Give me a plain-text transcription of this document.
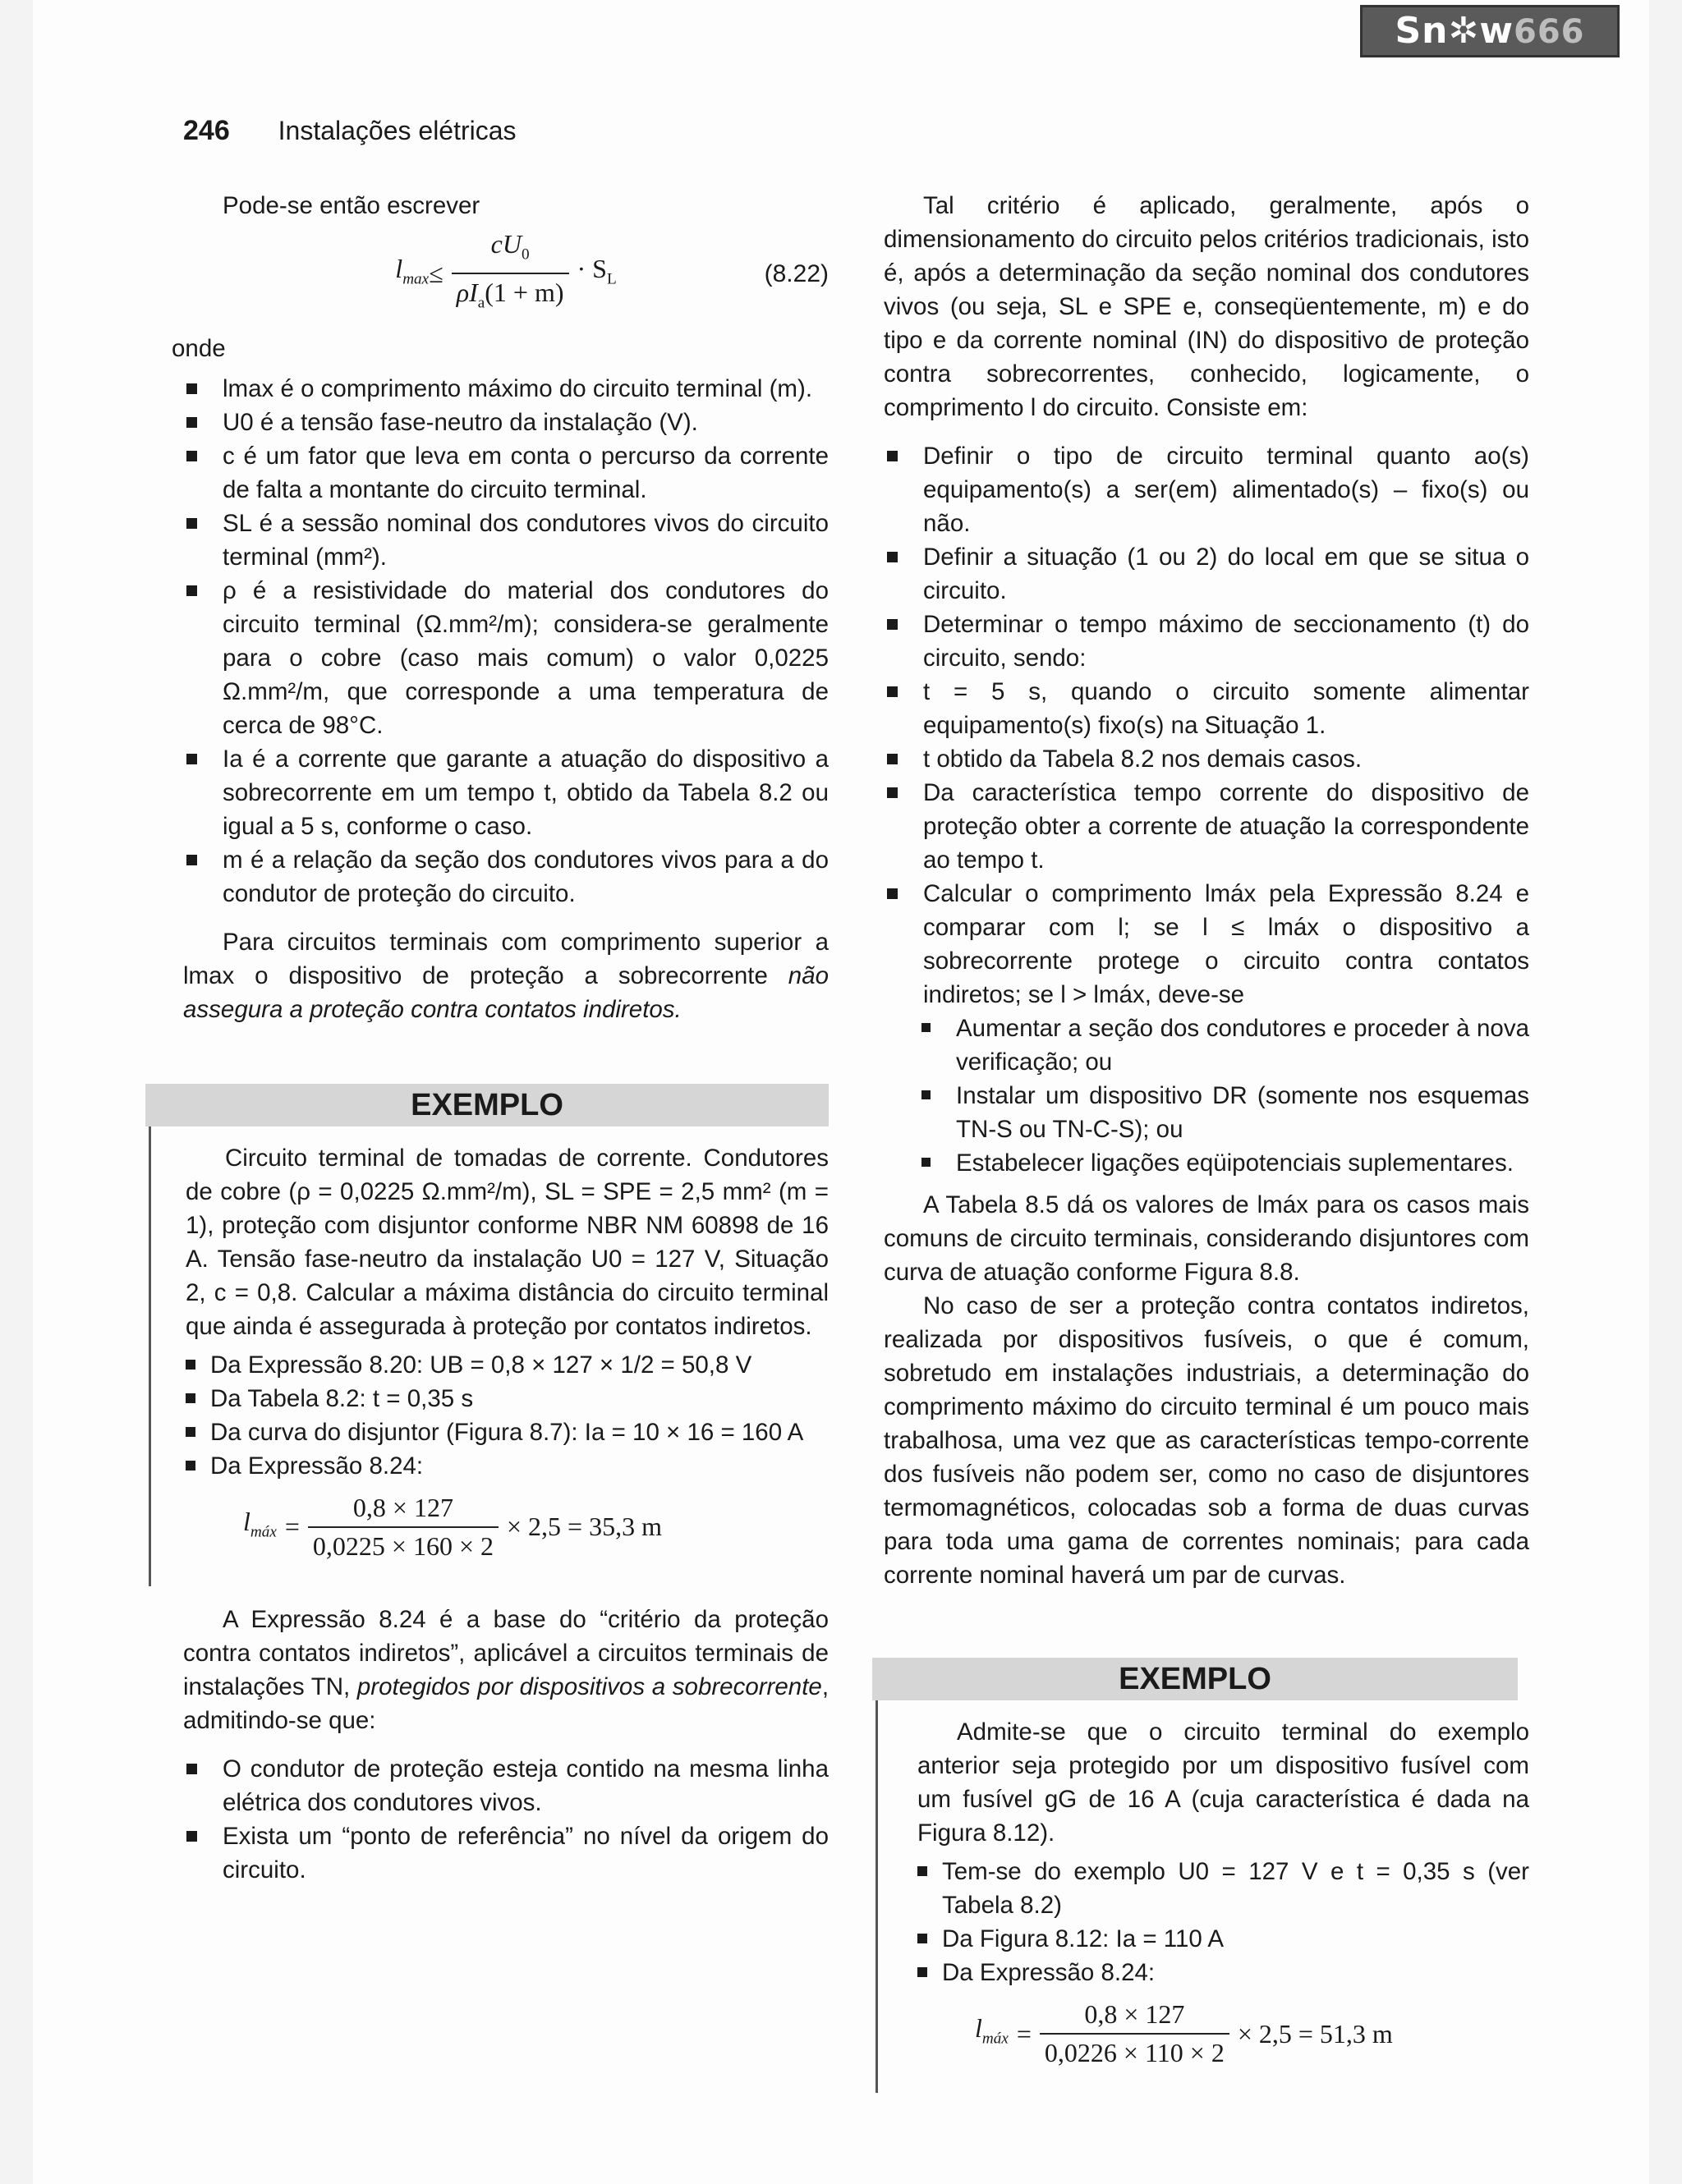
Sn✲w666
246 Instalações elétricas

Pode-se então escrever

$l_{max} \le \frac{cU_0}{\rho I_a(1 + m)} \cdot S_L$	(8.22)

onde

lmax é o comprimento máximo do circuito terminal (m).
U0 é a tensão fase-neutro da instalação (V).
c é um fator que leva em conta o percurso da corrente de falta a montante do circuito terminal.
SL é a sessão nominal dos condutores vivos do circuito terminal (mm²).
ρ é a resistividade do material dos condutores do circuito terminal (Ω.mm²/m); considera-se geralmente para o cobre (caso mais comum) o valor 0,0225 Ω.mm²/m, que corresponde a uma temperatura de cerca de 98°C.
Ia é a corrente que garante a atuação do dispositivo a sobrecorrente em um tempo t, obtido da Tabela 8.2 ou igual a 5 s, conforme o caso.
m é a relação da seção dos condutores vivos para a do condutor de proteção do circuito.

Para circuitos terminais com comprimento superior a lmax o dispositivo de proteção a sobrecorrente não assegura a proteção contra contatos indiretos.

EXEMPLO

Circuito terminal de tomadas de corrente. Condutores de cobre (ρ = 0,0225 Ω.mm²/m), SL = SPE = 2,5 mm² (m = 1), proteção com disjuntor conforme NBR NM 60898 de 16 A. Tensão fase-neutro da instalação U0 = 127 V, Situação 2, c = 0,8. Calcular a máxima distância do circuito terminal que ainda é assegurada à proteção por contatos indiretos.

Da Expressão 8.20: UB = 0,8 × 127 × 1/2 = 50,8 V
Da Tabela 8.2: t = 0,35 s
Da curva do disjuntor (Figura 8.7): Ia = 10 × 16 = 160 A
Da Expressão 8.24:
$l_{máx} = \frac{0,8 \times 127}{0,0225 \times 160 \times 2} \times 2,5 = 35,3$ m

A Expressão 8.24 é a base do “critério da proteção contra contatos indiretos”, aplicável a circuitos terminais de instalações TN, protegidos por dispositivos a sobrecorrente, admitindo-se que:

O condutor de proteção esteja contido na mesma linha elétrica dos condutores vivos.
Exista um “ponto de referência” no nível da origem do circuito.

Tal critério é aplicado, geralmente, após o dimensionamento do circuito pelos critérios tradicionais, isto é, após a determinação da seção nominal dos condutores vivos (ou seja, SL e SPE e, conseqüentemente, m) e do tipo e da corrente nominal (IN) do dispositivo de proteção contra sobrecorrentes, conhecido, logicamente, o comprimento l do circuito. Consiste em:

Definir o tipo de circuito terminal quanto ao(s) equipamento(s) a ser(em) alimentado(s) – fixo(s) ou não.
Definir a situação (1 ou 2) do local em que se situa o circuito.
Determinar o tempo máximo de seccionamento (t) do circuito, sendo:
t = 5 s, quando o circuito somente alimentar equipamento(s) fixo(s) na Situação 1.
t obtido da Tabela 8.2 nos demais casos.
Da característica tempo corrente do dispositivo de proteção obter a corrente de atuação Ia correspondente ao tempo t.
Calcular o comprimento lmáx pela Expressão 8.24 e comparar com l; se l ≤ lmáx o dispositivo a sobrecorrente protege o circuito contra contatos indiretos; se l > lmáx, deve-se
Aumentar a seção dos condutores e proceder à nova verificação; ou
Instalar um dispositivo DR (somente nos esquemas TN-S ou TN-C-S); ou
Estabelecer ligações eqüipotenciais suplementares.

A Tabela 8.5 dá os valores de lmáx para os casos mais comuns de circuito terminais, considerando disjuntores com curva de atuação conforme Figura 8.8.

No caso de ser a proteção contra contatos indiretos, realizada por dispositivos fusíveis, o que é comum, sobretudo em instalações industriais, a determinação do comprimento máximo do circuito terminal é um pouco mais trabalhosa, uma vez que as características tempo-corrente dos fusíveis não podem ser, como no caso de disjuntores termomagnéticos, colocadas sob a forma de duas curvas para toda uma gama de correntes nominais; para cada corrente nominal haverá um par de curvas.

EXEMPLO

Admite-se que o circuito terminal do exemplo anterior seja protegido por um dispositivo fusível com um fusível gG de 16 A (cuja característica é dada na Figura 8.12).

Tem-se do exemplo U0 = 127 V e t = 0,35 s (ver Tabela 8.2)
Da Figura 8.12: Ia = 110 A
Da Expressão 8.24:
$l_{máx} = \frac{0,8 \times 127}{0,0226 \times 110 \times 2} \times 2,5 = 51,3$ m
